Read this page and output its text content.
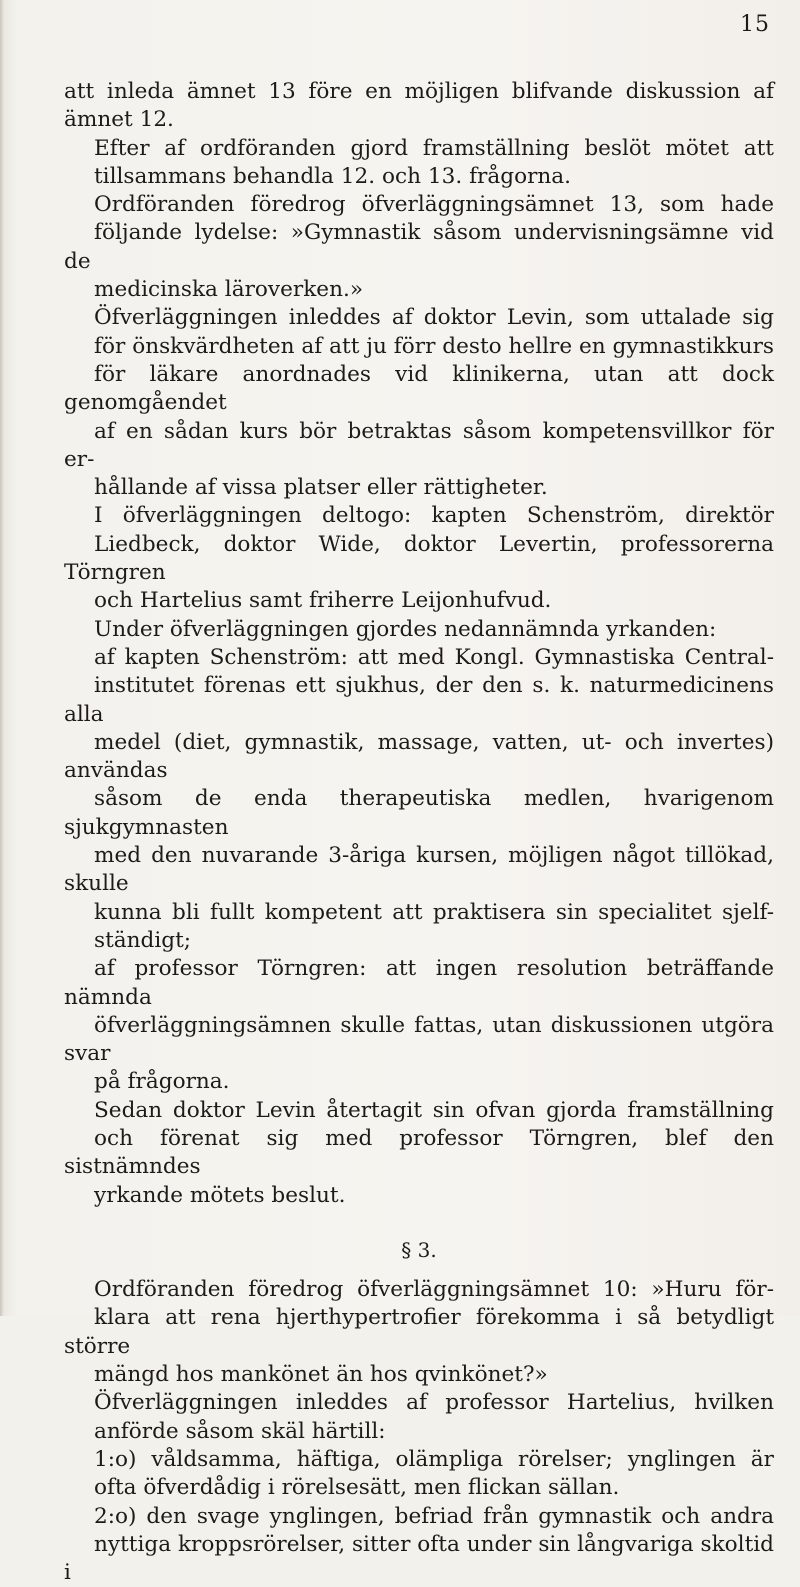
15

att inleda ämnet 13 före en möjligen blifvande diskussion af
ämnet 12.

Efter af ordföranden gjord framställning beslöt mötet att
tillsammans behandla 12. och 13. frågorna.

Ordföranden föredrog öfverläggningsämnet 13, som hade
följande lydelse: »Gymnastik såsom undervisningsämne vid de
medicinska läroverken.»

Öfverläggningen inleddes af doktor Levin, som uttalade sig
för önskvärdheten af att ju förr desto hellre en gymnastikkurs
för läkare anordnades vid klinikerna, utan att dock genomgåendet
af en sådan kurs bör betraktas såsom kompetensvillkor för er-
hållande af vissa platser eller rättigheter.

I öfverläggningen deltogo: kapten Schenström, direktör
Liedbeck, doktor Wide, doktor Levertin, professorerna Törngren
och Hartelius samt friherre Leijonhufvud.

Under öfverläggningen gjordes nedannämnda yrkanden:

af kapten Schenström: att med Kongl. Gymnastiska Central-
institutet förenas ett sjukhus, der den s. k. naturmedicinens alla
medel (diet, gymnastik, massage, vatten, ut- och invertes) användas
såsom de enda therapeutiska medlen, hvarigenom sjukgymnasten
med den nuvarande 3-åriga kursen, möjligen något tillökad, skulle
kunna bli fullt kompetent att praktisera sin specialitet sjelf-
ständigt;

af professor Törngren: att ingen resolution beträffande nämnda
öfverläggningsämnen skulle fattas, utan diskussionen utgöra svar
på frågorna.

Sedan doktor Levin återtagit sin ofvan gjorda framställning
och förenat sig med professor Törngren, blef den sistnämndes
yrkande mötets beslut.

§ 3.

Ordföranden föredrog öfverläggningsämnet 10: »Huru för-
klara att rena hjerthypertrofier förekomma i så betydligt större
mängd hos mankönet än hos qvinkönet?»

Öfverläggningen inleddes af professor Hartelius, hvilken
anförde såsom skäl härtill:

1:o) våldsamma, häftiga, olämpliga rörelser; ynglingen är
ofta öfverdådig i rörelsesätt, men flickan sällan.

2:o) den svage ynglingen, befriad från gymnastik och andra
nyttiga kroppsrörelser, sitter ofta under sin långvariga skoltid i
